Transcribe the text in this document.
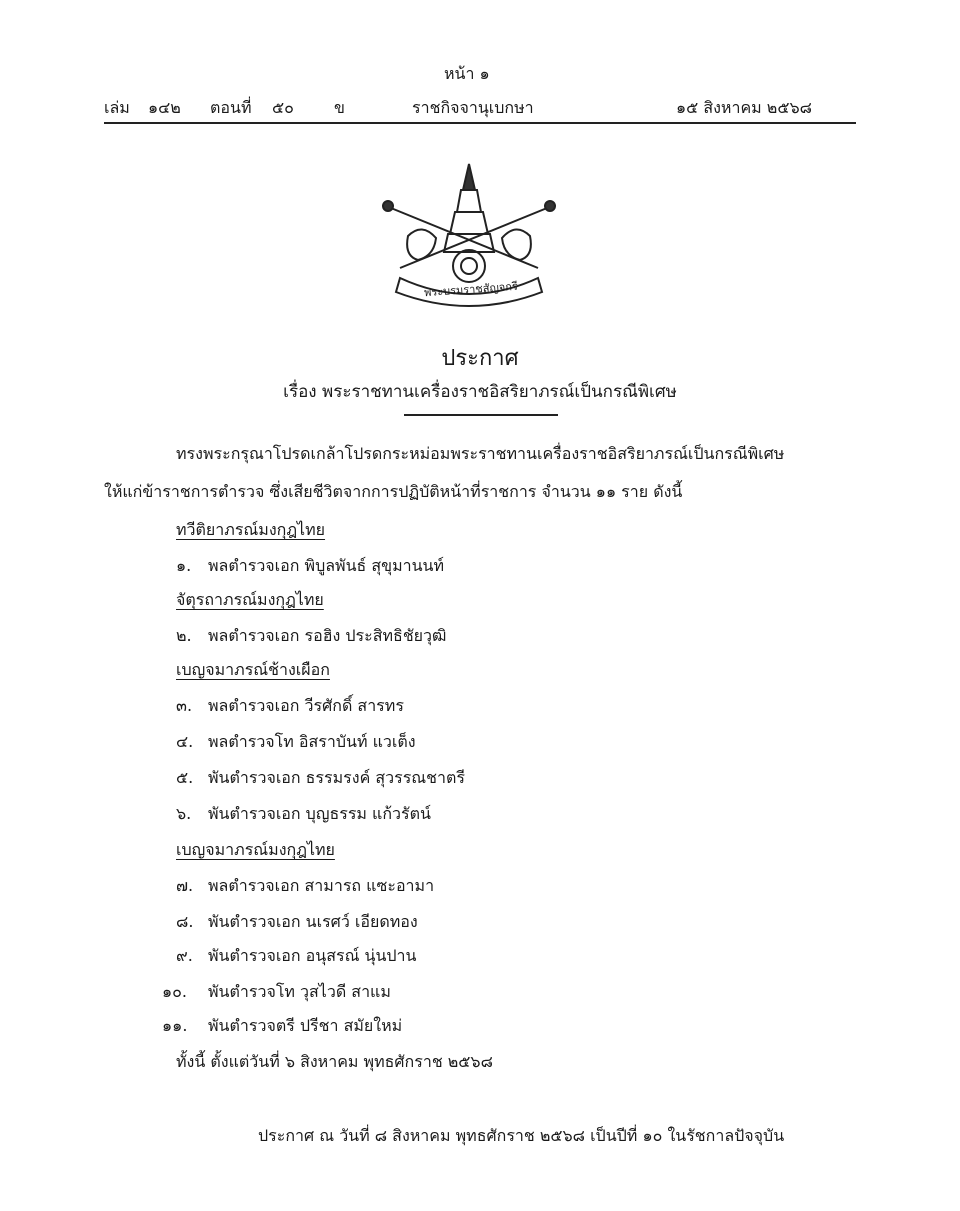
หน้า ๑
เล่ม ๑๔๒ ตอนที่ ๕๐	ข	ราชกิจจานุเบกษา	๑๕ สิงหาคม ๒๕๖๘
พระบรมราชสัญจกรี
ประกาศ
เรื่อง พระราชทานเครื่องราชอิสริยาภรณ์เป็นกรณีพิเศษ
ทรงพระกรุณาโปรดเกล้าโปรดกระหม่อมพระราชทานเครื่องราชอิสริยาภรณ์เป็นกรณีพิเศษ
ให้แก่ข้าราชการตำรวจ ซึ่งเสียชีวิตจากการปฏิบัติหน้าที่ราชการ จำนวน ๑๑ ราย ดังนี้
ทวีติยาภรณ์มงกุฎไทย
๑. พลตำรวจเอก พิบูลพันธ์ สุขุมานนท์
จัตุรถาภรณ์มงกุฎไทย
๒. พลตำรวจเอก รอฮิง ประสิทธิชัยวุฒิ
เบญจมาภรณ์ช้างเผือก
๓. พลตำรวจเอก วีรศักดิ์ สารทร
๔. พลตำรวจโท อิสราบันท์ แวเต็ง
๕. พันตำรวจเอก ธรรมรงค์ สุวรรณชาตรี
๖. พันตำรวจเอก บุญธรรม แก้วรัตน์
เบญจมาภรณ์มงกุฎไทย
๗. พลตำรวจเอก สามารถ แซะอามา
๘. พันตำรวจเอก นเรศว์ เอียดทอง
๙. พันตำรวจเอก อนุสรณ์ นุ่นปาน
๑๐. พันตำรวจโท วุสไวดี สาแม
๑๑. พันตำรวจตรี ปรีชา สมัยใหม่
ทั้งนี้ ตั้งแต่วันที่ ๖ สิงหาคม พุทธศักราช ๒๕๖๘
ประกาศ ณ วันที่ ๘ สิงหาคม พุทธศักราช ๒๕๖๘ เป็นปีที่ ๑๐ ในรัชกาลปัจจุบัน
